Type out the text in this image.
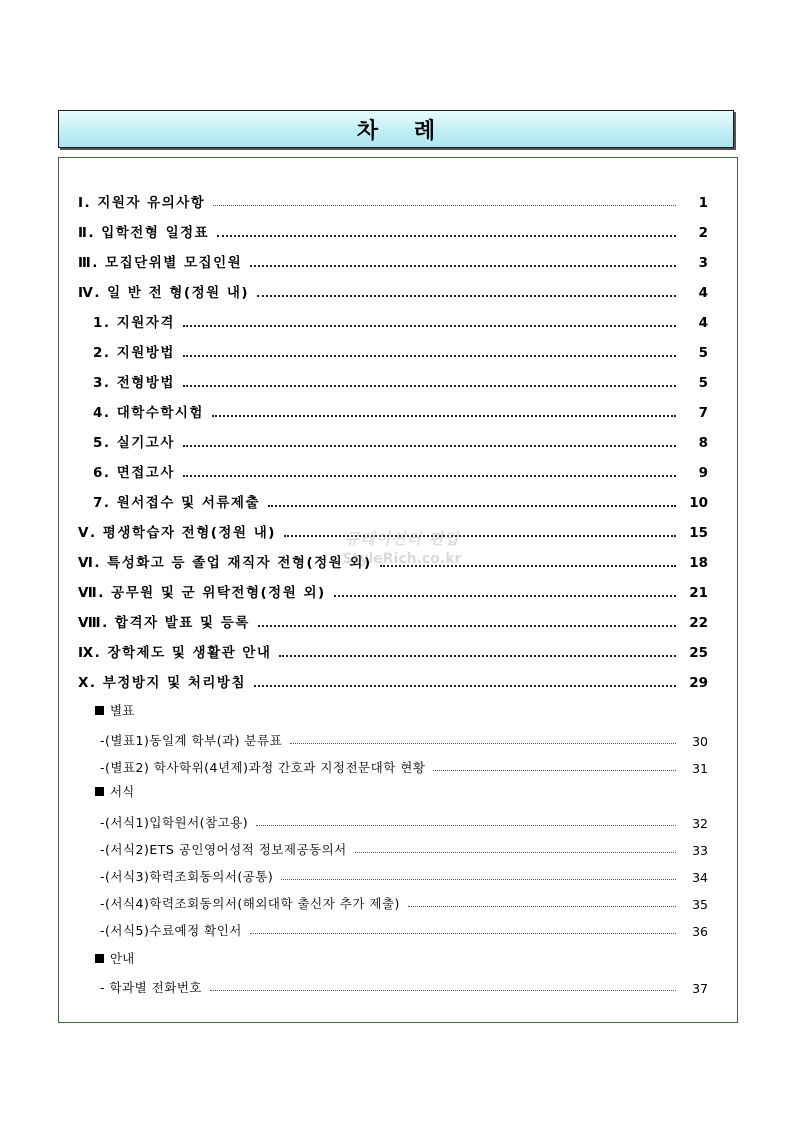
차 례
Ⅰ. 지원자 유의사항	1
Ⅱ. 입학전형 일정표	2
Ⅲ. 모집단위별 모집인원	3
Ⅳ. 일 반 전 형(정원 내)	4
1. 지원자격	4
2. 지원방법	5
3. 전형방법	5
4. 대학수학시험	7
5. 실기고사	8
6. 면접고사	9
7. 원서접수 및 서류제출	10
Ⅴ. 평생학습자 전형(정원 내)	15
Ⅵ. 특성화고 등 졸업 재직자 전형(정원 외)	18
Ⅶ. 공무원 및 군 위탁전형(정원 외)	21
Ⅷ. 합격자 발표 및 등록	22
Ⅸ. 장학제도 및 생활관 안내	25
Ⅹ. 부정방지 및 처리방침	29
별표
-(별표1)동일계 학부(과) 분류표	30
-(별표2) 학사학위(4년제)과정 간호과 지정전문대학 현황	31
서식
-(서식1)입학원서(참고용)	32
-(서식2)ETS 공인영어성적 정보제공동의서	33
-(서식3)학력조회동의서(공통)	34
-(서식4)학력조회동의서(해외대학 출신자 추가 제출)	35
-(서식5)수료예정 확인서	36
안내
- 학과별 전화번호	37
큐레이션러 편입
StyleRich.co.kr
